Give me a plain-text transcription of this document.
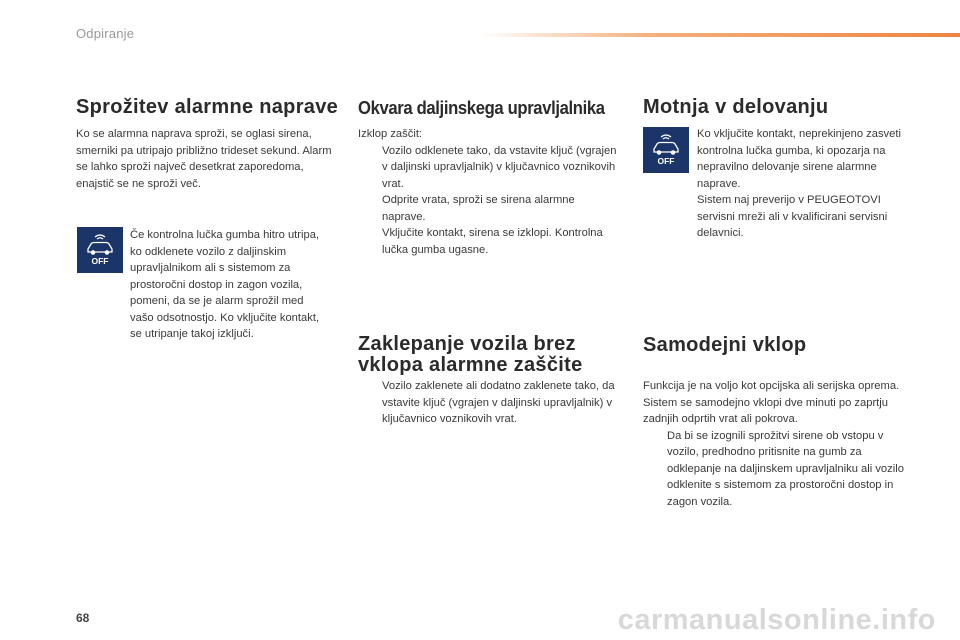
Odpiranje
Sprožitev alarmne naprave

Ko se alarmna naprava sproži, se oglasi sirena, smerniki pa utripajo približno trideset sekund. Alarm se lahko sproži največ desetkrat zaporedoma, enajstič se ne sproži več.

OFF

Če kontrolna lučka gumba hitro utripa, ko odklenete vozilo z daljinskim upravljalnikom ali s sistemom za prostoročni dostop in zagon vozila, pomeni, da se je alarm sprožil med vašo odsotnostjo. Ko vključite kontakt, se utripanje takoj izključi.

Okvara daljinskega upravljalnika
Izklop zaščit:
Vozilo odklenete tako, da vstavite ključ (vgrajen v daljinski upravljalnik) v ključavnico voznikovih vrat.
Odprite vrata, sproži se sirena alarmne naprave.
Vključite kontakt, sirena se izklopi. Kontrolna lučka gumba ugasne.
Zaklepanje vozila brez vklopa alarmne zaščite
Vozilo zaklenete ali dodatno zaklenete tako, da vstavite ključ (vgrajen v daljinski upravljalnik) v ključavnico voznikovih vrat.
Motnja v delovanju
OFF
Ko vključite kontakt, neprekinjeno zasveti kontrolna lučka gumba, ki opozarja na nepravilno delovanje sirene alarmne naprave.
Sistem naj preverijo v PEUGEOTOVI servisni mreži ali v kvalificirani servisni delavnici.
Samodejni vklop
Funkcija je na voljo kot opcijska ali serijska oprema.
Sistem se samodejno vklopi dve minuti po zaprtju zadnjih odprtih vrat ali pokrova.
Da bi se izognili sprožitvi sirene ob vstopu v vozilo, predhodno pritisnite na gumb za odklepanje na daljinskem upravljalniku ali vozilo odklenite s sistemom za prostoročni dostop in zagon vozila.
68	carmanualsonline.info
